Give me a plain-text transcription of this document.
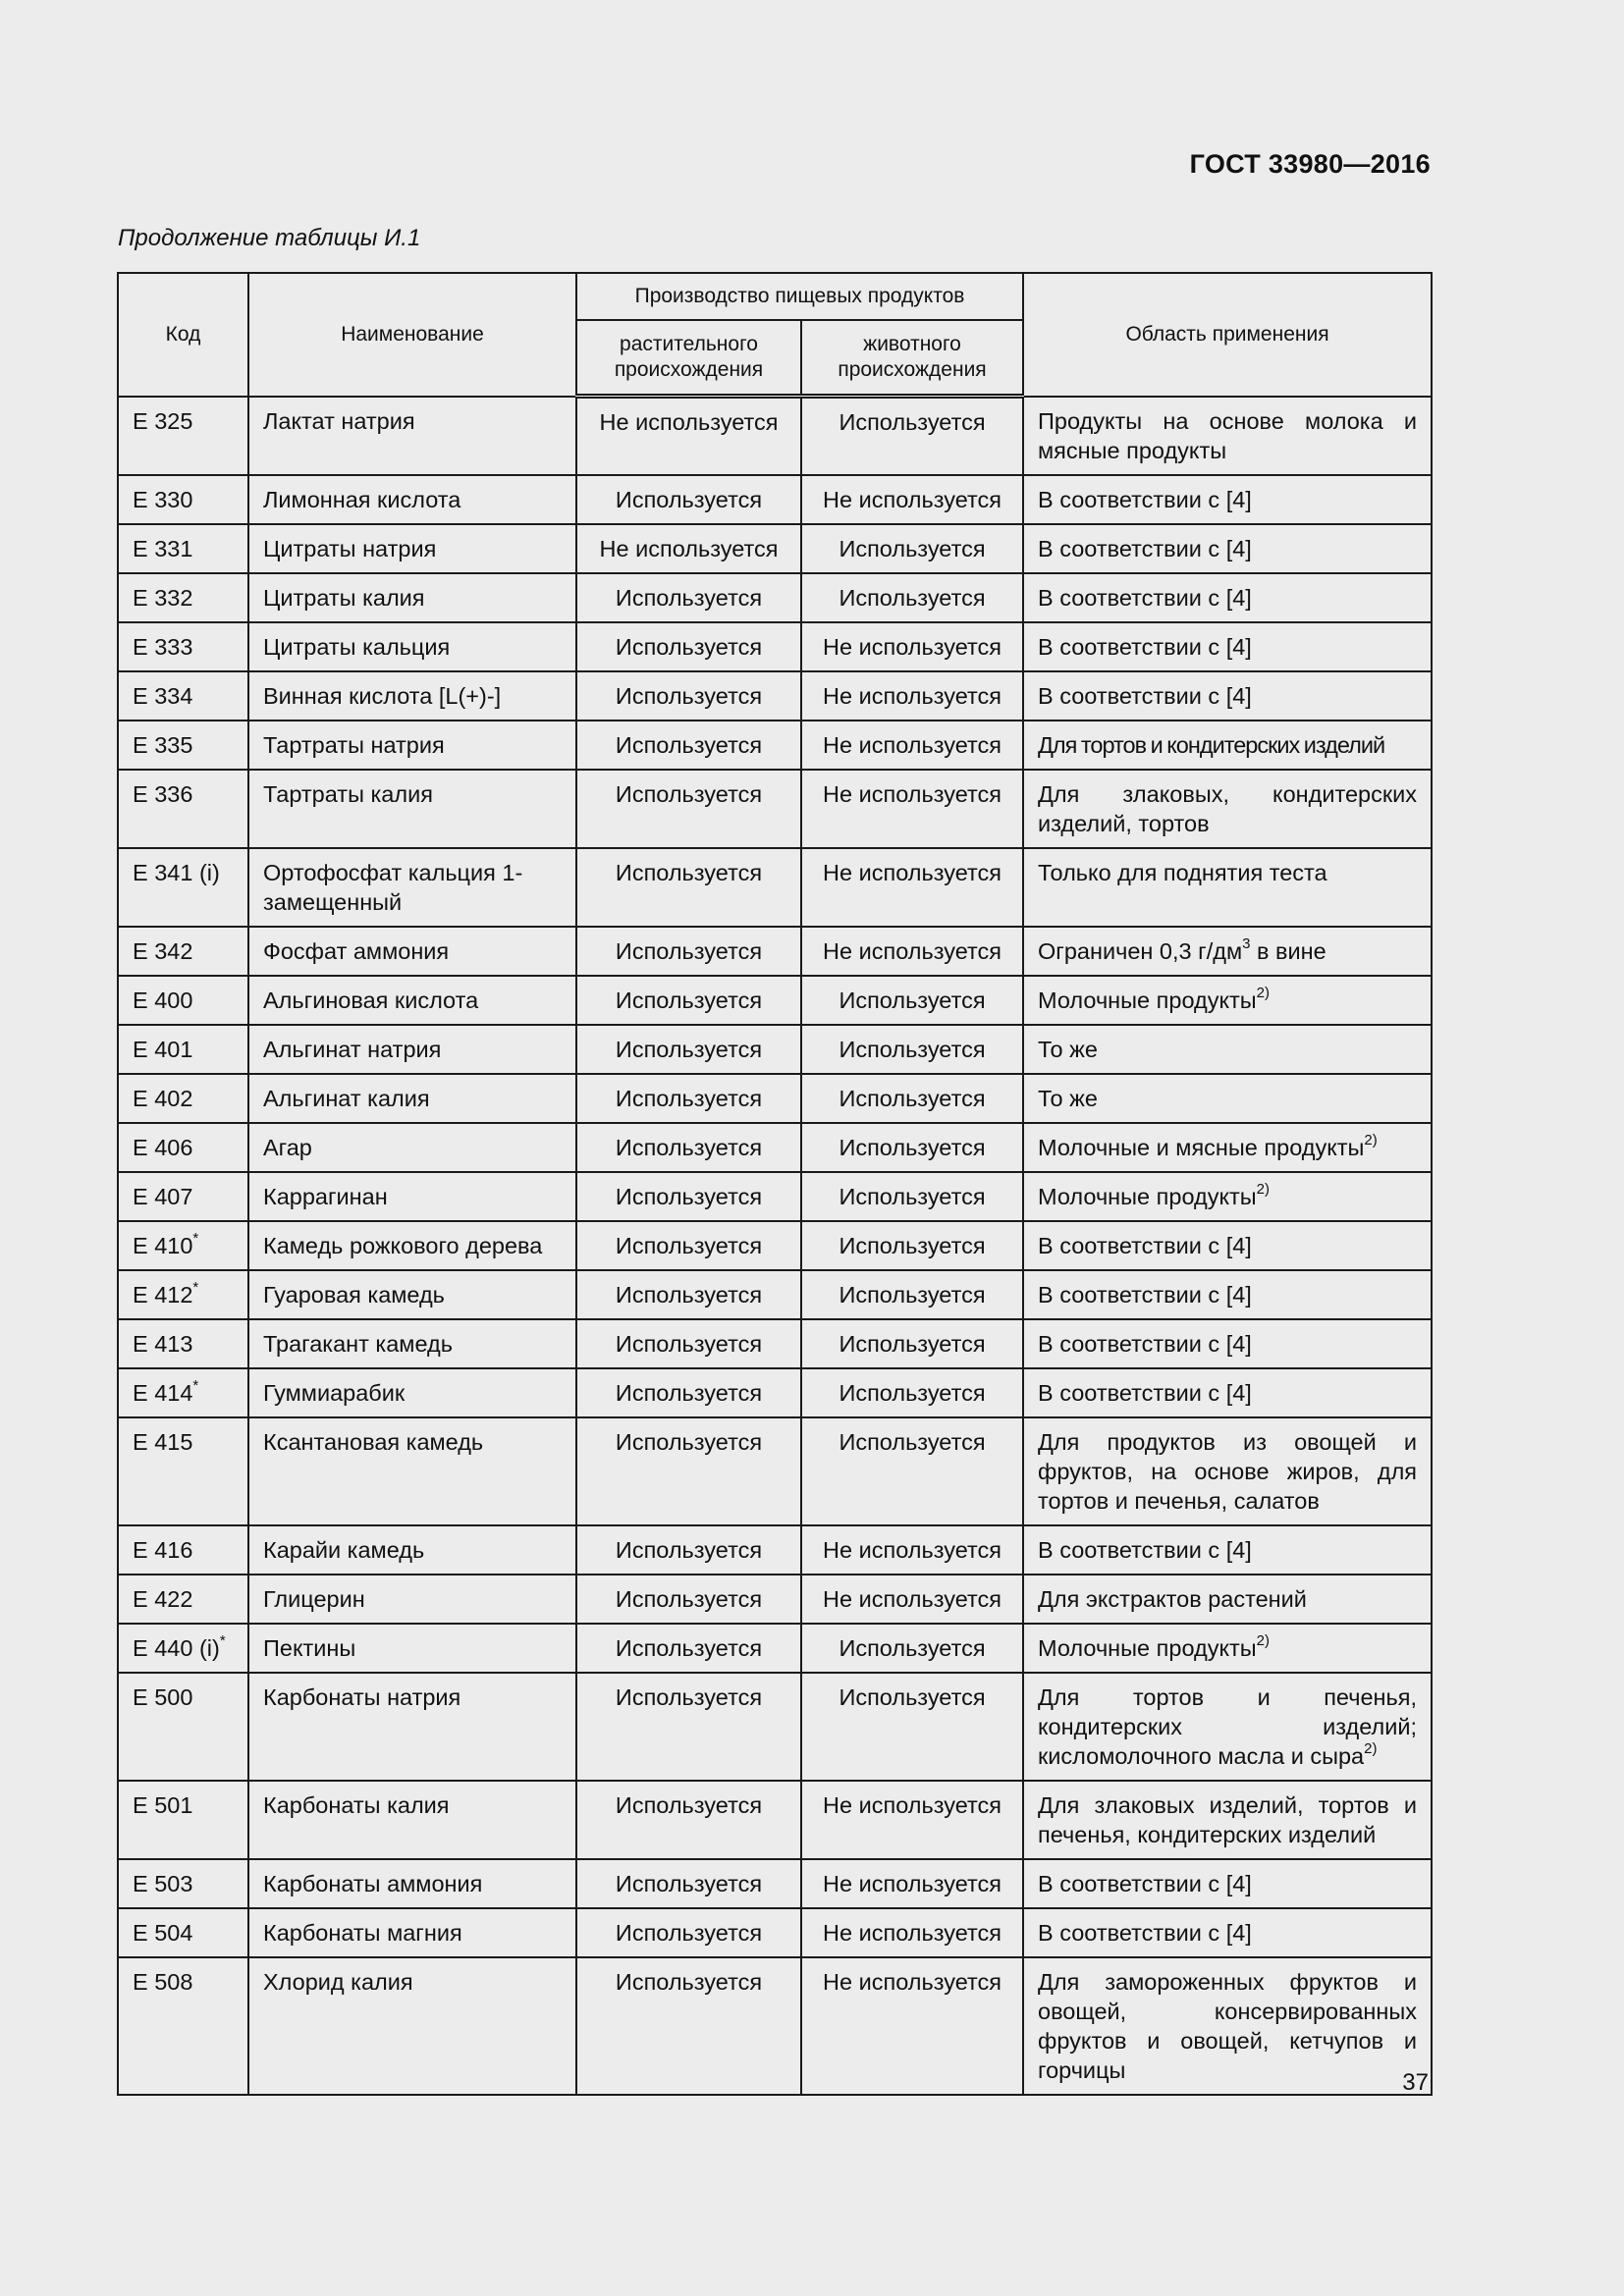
ГОСТ 33980—2016
Продолжение таблицы И.1
Код	Наименование	Производство пищевых продуктов		Область применения
		растительного происхождения	животного происхождения	
Е 325	Лактат натрия	Не используется	Используется	Продукты на основе молока и мясные продукты
Е 330	Лимонная кислота	Используется	Не используется	В соответствии с [4]
Е 331	Цитраты натрия	Не используется	Используется	В соответствии с [4]
Е 332	Цитраты калия	Используется	Используется	В соответствии с [4]
Е 333	Цитраты кальция	Используется	Не используется	В соответствии с [4]
Е 334	Винная кислота [L(+)-]	Используется	Не используется	В соответствии с [4]
Е 335	Тартраты натрия	Используется	Не используется	Для тортов и кондитерских изделий
Е 336	Тартраты калия	Используется	Не используется	Для злаковых, кондитерских изделий, тортов
Е 341 (i)	Ортофосфат кальция 1-замещенный	Используется	Не используется	Только для поднятия теста
Е 342	Фосфат аммония	Используется	Не используется	Ограничен 0,3 $г/дм^3$ в вине
Е 400	Альгиновая кислота	Используется	Используется	Молочные продукты$^{2)}$
Е 401	Альгинат натрия	Используется	Используется	То же
Е 402	Альгинат калия	Используется	Используется	То же
Е 406	Агар	Используется	Используется	Молочные и мясные продукты$^{2)}$
Е 407	Каррагинан	Используется	Используется	Молочные продукты$^{2)}$
Е 410*	Камедь рожкового дерева	Используется	Используется	В соответствии с [4]
Е 412*	Гуаровая камедь	Используется	Используется	В соответствии с [4]
Е 413	Трагакант камедь	Используется	Используется	В соответствии с [4]
Е 414*	Гуммиарабик	Используется	Используется	В соответствии с [4]
Е 415	Ксантановая камедь	Используется	Используется	Для продуктов из овощей и фруктов, на основе жиров, для тортов и печенья, салатов
Е 416	Карайи камедь	Используется	Не используется	В соответствии с [4]
Е 422	Глицерин	Используется	Не используется	Для экстрактов растений
Е 440 (i)*	Пектины	Используется	Используется	Молочные продукты$^{2)}$
Е 500	Карбонаты натрия	Используется	Используется	Для тортов и печенья, кондитерских изделий; кисломолочного масла и сыра$^{2)}$
Е 501	Карбонаты калия	Используется	Не используется	Для злаковых изделий, тортов и печенья, кондитерских изделий
Е 503	Карбонаты аммония	Используется	Не используется	В соответствии с [4]
Е 504	Карбонаты магния	Используется	Не используется	В соответствии с [4]
Е 508	Хлорид калия	Используется	Не используется	Для замороженных фруктов и овощей, консервированных фруктов и овощей, кетчупов и горчицы	37
